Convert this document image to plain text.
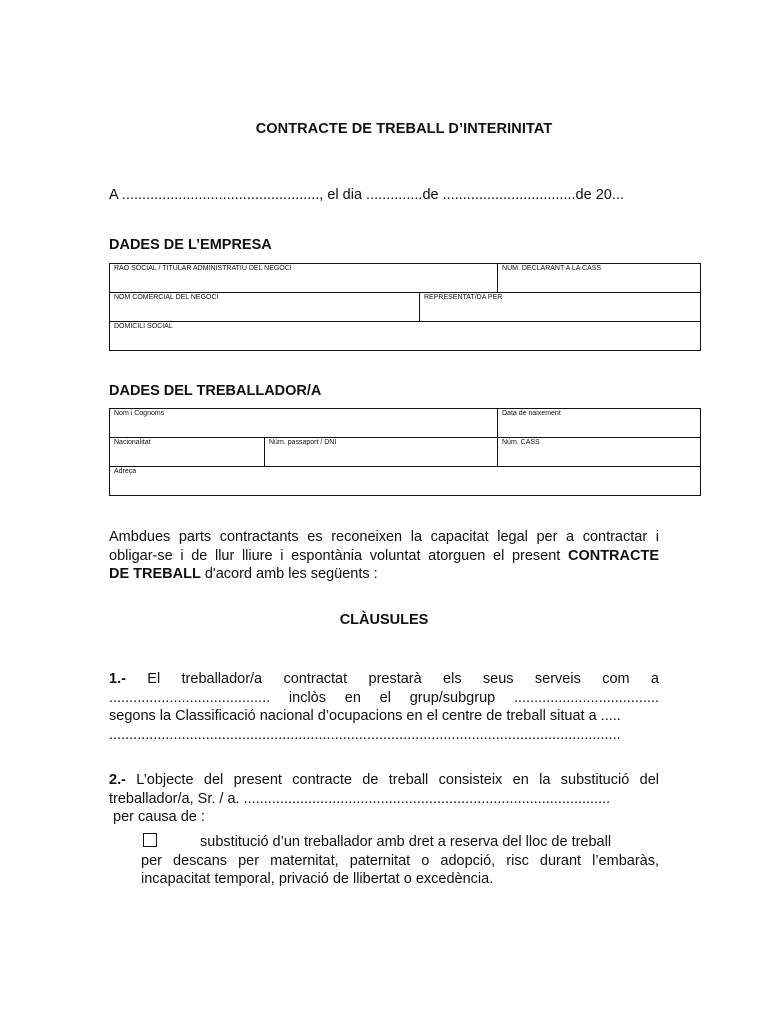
CONTRACTE DE TREBALL D’INTERINITAT
A ................................................., el dia ..............de .................................de 20...
DADES DE L’EMPRESA
RAO SOCIAL / TITULAR ADMINISTRATIU DEL NEGOCI		NUM. DECLARANT A LA CASS
NOM COMERCIAL DEL NEGOCI	REPRESENTAT/DA PER	
DOMICILI SOCIAL		
DADES DEL TREBALLADOR/A
Nom i Cognoms		Data de naixement
Nacionalitat	Núm. passaport / DNI	Núm. CASS
Adreça		
Ambdues parts contractants es reconeixen la capacitat legal per a contractar i
obligar-se i de llur lliure i espontània voluntat atorguen el present CONTRACTE
DE TREBALL d'acord amb les següents :
CLÀUSULES
1.- El treballador/a contractat prestarà els seus serveis com a
........................................ inclòs en el grup/subgrup ....................................
segons la Classificació nacional d’ocupacions en el centre de treball situat a .....
...............................................................................................................................
2.- L’objecte del present contracte de treball consisteix en la substitució del
treballador/a, Sr. / a. ...........................................................................................
per causa de :
substitució d’un treballador amb dret a reserva del lloc de treball
per descans per maternitat, paternitat o adopció, risc durant l’embaràs,
incapacitat temporal, privació de llibertat o excedència.
